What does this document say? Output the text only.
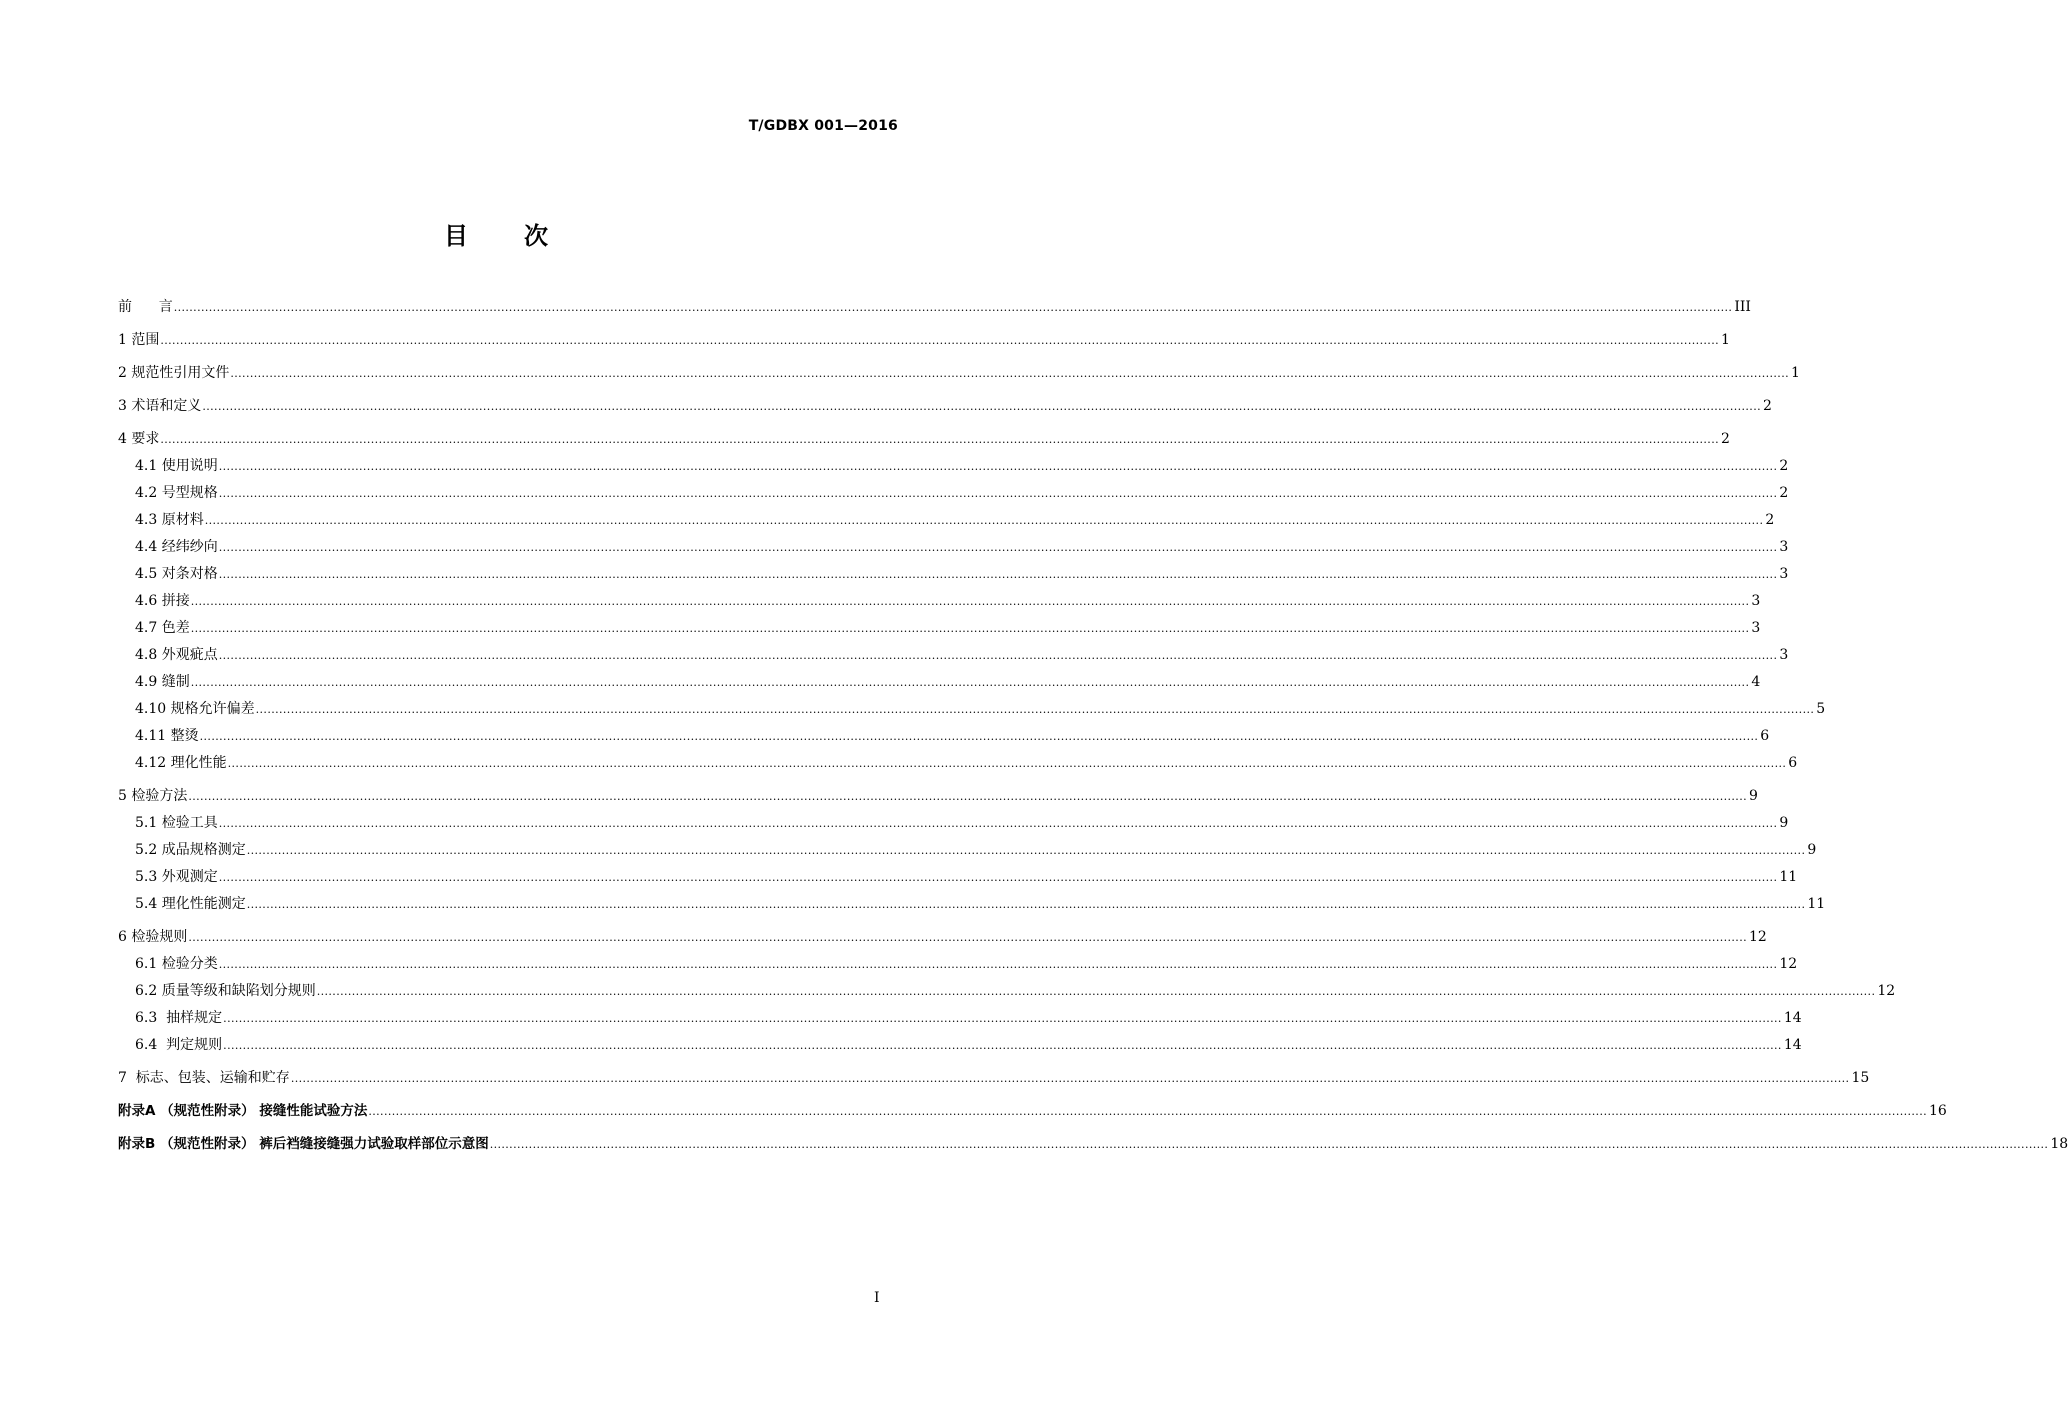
T/GDBX 001—2016
目 次
前      言 ................................................................................................................................................................................................................................................................................................................................................................................................................ III
1 范围 ................................................................................................................................................................................................................................................................................................................................................................................................................ 1
2 规范性引用文件 ................................................................................................................................................................................................................................................................................................................................................................................................................ 1
3 术语和定义 ................................................................................................................................................................................................................................................................................................................................................................................................................ 2
4 要求 ................................................................................................................................................................................................................................................................................................................................................................................................................ 2
4.1 使用说明 ................................................................................................................................................................................................................................................................................................................................................................................................................ 2
4.2 号型规格 ................................................................................................................................................................................................................................................................................................................................................................................................................ 2
4.3 原材料 ................................................................................................................................................................................................................................................................................................................................................................................................................ 2
4.4 经纬纱向 ................................................................................................................................................................................................................................................................................................................................................................................................................ 3
4.5 对条对格 ................................................................................................................................................................................................................................................................................................................................................................................................................ 3
4.6 拼接 ................................................................................................................................................................................................................................................................................................................................................................................................................ 3
4.7 色差 ................................................................................................................................................................................................................................................................................................................................................................................................................ 3
4.8 外观疵点 ................................................................................................................................................................................................................................................................................................................................................................................................................ 3
4.9 缝制 ................................................................................................................................................................................................................................................................................................................................................................................................................ 4
4.10 规格允许偏差 ................................................................................................................................................................................................................................................................................................................................................................................................................ 5
4.11 整烫 ................................................................................................................................................................................................................................................................................................................................................................................................................ 6
4.12 理化性能 ................................................................................................................................................................................................................................................................................................................................................................................................................ 6
5 检验方法 ................................................................................................................................................................................................................................................................................................................................................................................................................ 9
5.1 检验工具 ................................................................................................................................................................................................................................................................................................................................................................................................................ 9
5.2 成品规格测定 ................................................................................................................................................................................................................................................................................................................................................................................................................ 9
5.3 外观测定 ................................................................................................................................................................................................................................................................................................................................................................................................................ 11
5.4 理化性能测定 ................................................................................................................................................................................................................................................................................................................................................................................................................ 11
6 检验规则 ................................................................................................................................................................................................................................................................................................................................................................................................................ 12
6.1 检验分类 ................................................................................................................................................................................................................................................................................................................................................................................................................ 12
6.2 质量等级和缺陷划分规则 ................................................................................................................................................................................................................................................................................................................................................................................................................ 12
6.3  抽样规定 ................................................................................................................................................................................................................................................................................................................................................................................................................ 14
6.4  判定规则 ................................................................................................................................................................................................................................................................................................................................................................................................................ 14
7  标志、包装、运输和贮存 ................................................................................................................................................................................................................................................................................................................................................................................................................ 15
附录A （规范性附录） 接缝性能试验方法 ................................................................................................................................................................................................................................................................................................................................................................................................................ 16
附录B （规范性附录） 裤后裆缝接缝强力试验取样部位示意图 ................................................................................................................................................................................................................................................................................................................................................................................................................ 18
I
